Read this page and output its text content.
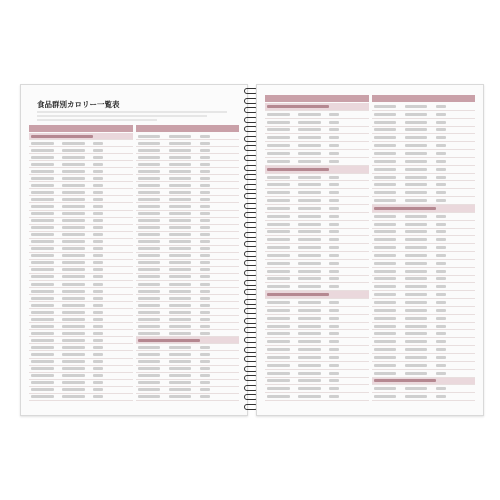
食品群別カロリー一覧表
